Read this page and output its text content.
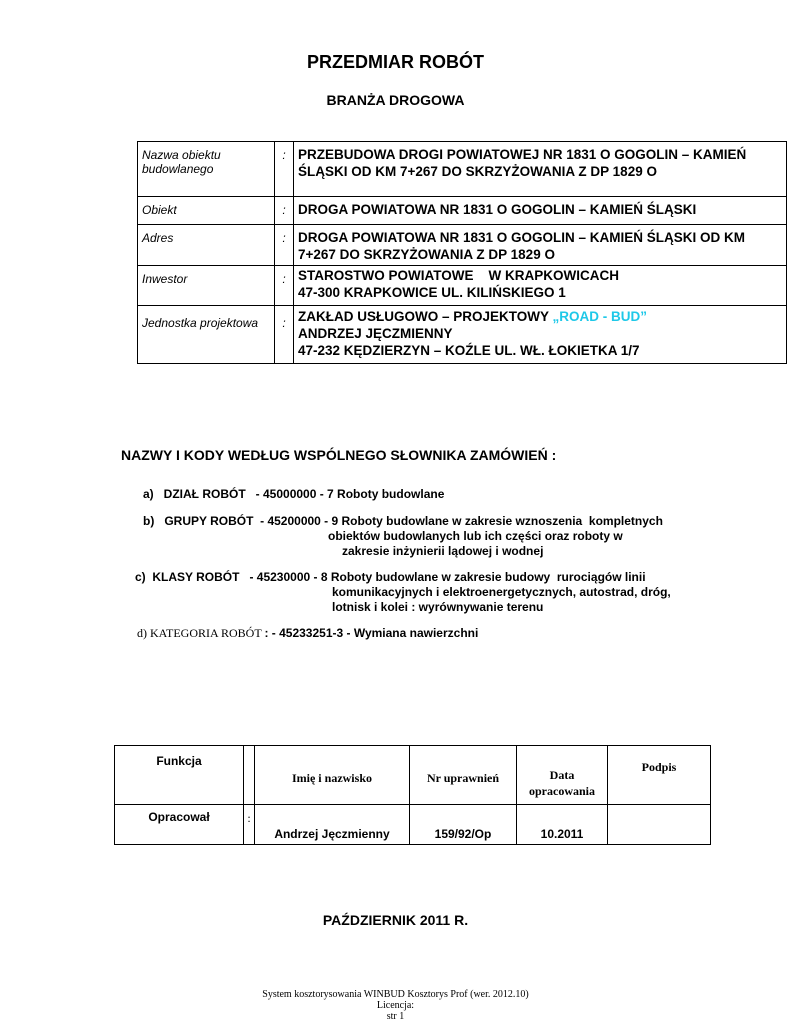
PRZEDMIAR ROBÓT
BRANŻA DROGOWA
Nazwa obiektu budowlanego	:	PRZEBUDOWA DROGI POWIATOWEJ NR 1831 O GOGOLIN – KAMIEŃ ŚLĄSKI OD KM 7+267 DO SKRZYŻOWANIA Z DP 1829 O
Obiekt	:	DROGA POWIATOWA NR 1831 O GOGOLIN – KAMIEŃ ŚLĄSKI
Adres	:	DROGA POWIATOWA NR 1831 O GOGOLIN – KAMIEŃ ŚLĄSKI OD KM 7+267 DO SKRZYŻOWANIA Z DP 1829 O
Inwestor	:	STAROSTWO POWIATOWE    W KRAPKOWICACH
47-300 KRAPKOWICE UL. KILIŃSKIEGO 1

Jednostka projektowa	:	ZAKŁAD USŁUGOWO – PROJEKTOWY „ROAD - BUD”
ANDRZEJ JĘCZMIENNY
47-232 KĘDZIERZYN – KOŹLE UL. WŁ. ŁOKIETKA 1/7
NAZWY I KODY WEDŁUG WSPÓLNEGO SŁOWNIKA ZAMÓWIEŃ :
a)   DZIAŁ ROBÓT   - 45000000 - 7 Roboty budowlane
b)   GRUPY ROBÓT  - 45200000 - 9 Roboty budowlane w zakresie wznoszenia  kompletnych
obiektów budowlanych lub ich części oraz roboty w
zakresie inżynierii lądowej i wodnej
c)  KLASY ROBÓT   - 45230000 - 8 Roboty budowlane w zakresie budowy  rurociągów linii
komunikacyjnych i elektroenergetycznych, autostrad, dróg,
lotnisk i kolei : wyrównywanie terenu
d) KATEGORIA ROBÓT : - 45233251-3 - Wymiana nawierzchni
Funkcja		Imię i nazwisko	Nr uprawnień	Data opracowania	Podpis
Opracował	:	Andrzej Jęczmienny	159/92/Op	10.2011	
PAŹDZIERNIK 2011 R.
System kosztorysowania WINBUD Kosztorys Prof (wer. 2012.10)
Licencja:
str 1
